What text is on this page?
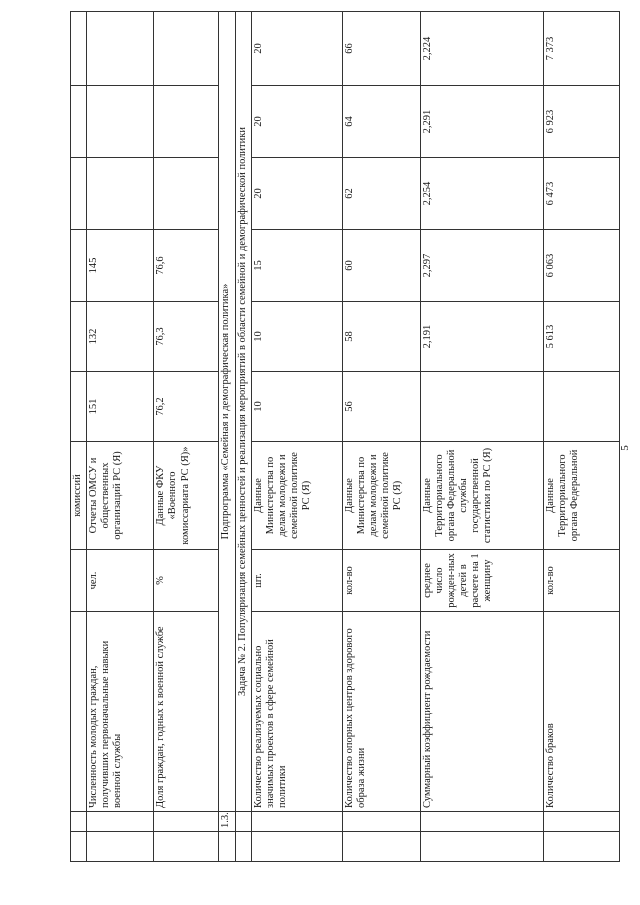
5
				комиссий						
		Численность молодых граждан, получивших первоначальные навыки военной службы	чел.	Отчеты ОМСУ и общественных организаций РС (Я)	151	132	145			
		Доля граждан, годных к военной службе	%	Данные ФКУ «Военного комиссариата РС (Я)»	76,2	76,3	76,6			
	1.3.	Подпрограмма «Семейная и демографическая политика»								
		Задача № 2. Популяризация семейных ценностей и реализация мероприятий в области семейной и демографической политики								
		Количество реализуемых социально значимых проектов в сфере семейной политики	шт.	Данные Министерства по делам молодежи и семейной политике РС (Я)	10	10	15	20	20	20
		Количество опорных центров здорового образа жизни	кол-во	Данные Министерства по делам молодежи и семейной политике РС (Я)	56	58	60	62	64	66
		Суммарный коэффициент рождаемости	среднее число рожден-ных детей в расчете на 1 женщину	Данные Территориального органа Федеральной службы государственной статистики по РС (Я)		2,191	2,297	2,254	2,291	2,224
		Количество браков	кол-во	Данные Территориального органа Федеральной		5 613	6 063	6 473	6 923	7 373
